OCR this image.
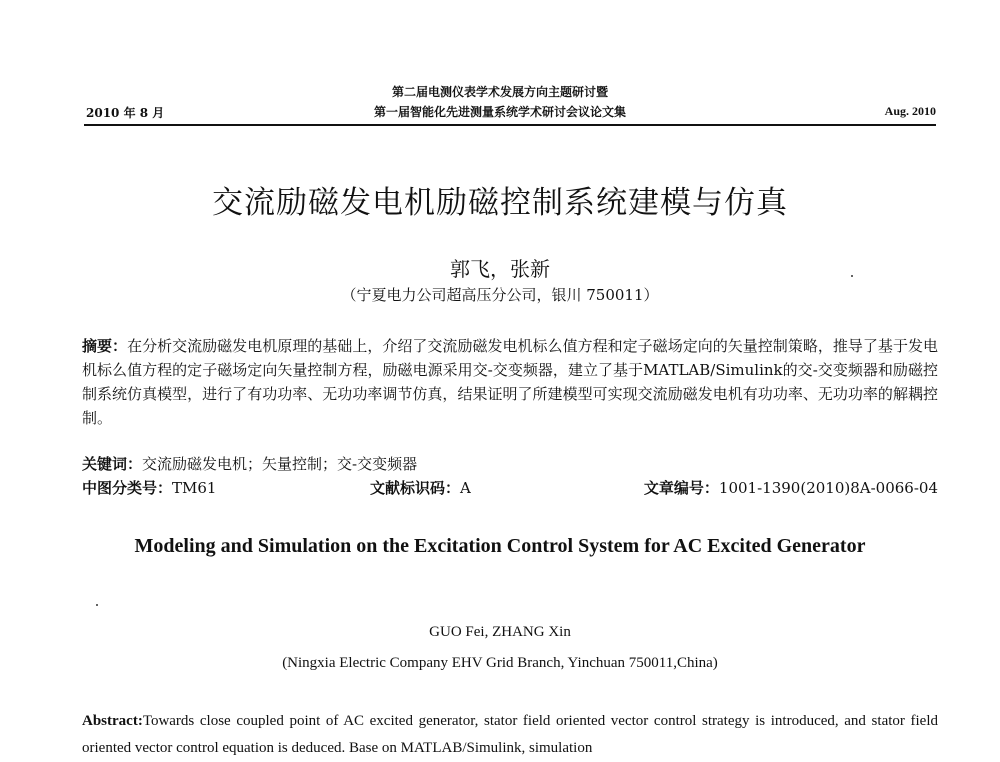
第二届电测仪表学术发展方向主题研讨暨
第一届智能化先进测量系统学术研讨会议论文集
2010 年 8 月	Aug. 2010
交流励磁发电机励磁控制系统建模与仿真
郭飞，张新
（宁夏电力公司超高压分公司，银川 750011）
摘要：在分析交流励磁发电机原理的基础上，介绍了交流励磁发电机标么值方程和定子磁场定向的矢量控制策略，推导了基于发电机标么值方程的定子磁场定向矢量控制方程，励磁电源采用交-交变频器，建立了基于MATLAB/Simulink的交-交变频器和励磁控制系统仿真模型，进行了有功功率、无功功率调节仿真，结果证明了所建模型可实现交流励磁发电机有功功率、无功功率的解耦控制。
关键词：交流励磁发电机；矢量控制；交-交变频器
中图分类号：TM61	文献标识码：A	文章编号：1001-1390(2010)8A-0066-04
Modeling and Simulation on the Excitation Control System for AC Excited Generator
GUO Fei, ZHANG Xin
(Ningxia Electric Company EHV Grid Branch, Yinchuan 750011,China)
Abstract:Towards close coupled point of AC excited generator, stator field oriented vector control strategy is introduced, and stator field oriented vector control equation is deduced. Base on MATLAB/Simulink, simulation
